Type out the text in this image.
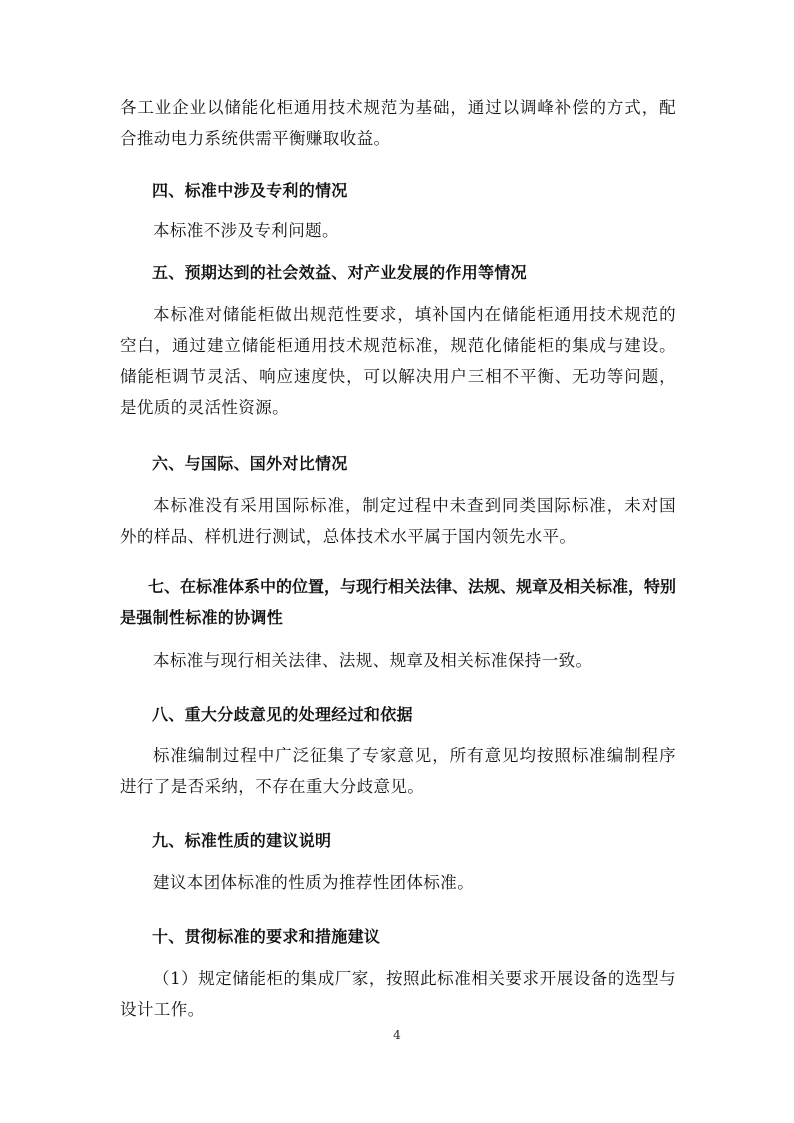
各工业企业以储能化柜通用技术规范为基础，通过以调峰补偿的方式，配合推动电力系统供需平衡赚取收益。

四、标准中涉及专利的情况

本标准不涉及专利问题。

五、预期达到的社会效益、对产业发展的作用等情况

本标准对储能柜做出规范性要求，填补国内在储能柜通用技术规范的空白，通过建立储能柜通用技术规范标准，规范化储能柜的集成与建设。储能柜调节灵活、响应速度快，可以解决用户三相不平衡、无功等问题，是优质的灵活性资源。

六、与国际、国外对比情况

本标准没有采用国际标准，制定过程中未查到同类国际标准，未对国外的样品、样机进行测试，总体技术水平属于国内领先水平。

七、在标准体系中的位置，与现行相关法律、法规、规章及相关标准，特别

是强制性标准的协调性

本标准与现行相关法律、法规、规章及相关标准保持一致。

八、重大分歧意见的处理经过和依据

标准编制过程中广泛征集了专家意见，所有意见均按照标准编制程序进行了是否采纳，不存在重大分歧意见。

九、标准性质的建议说明

建议本团体标准的性质为推荐性团体标准。

十、贯彻标准的要求和措施建议

（1）规定储能柜的集成厂家，按照此标准相关要求开展设备的选型与设计工作。

4
